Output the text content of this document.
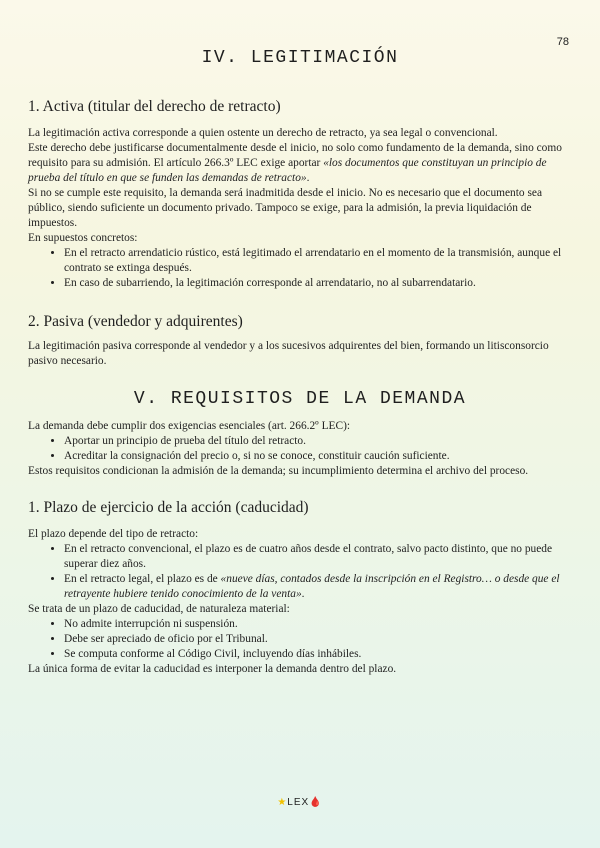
78
IV. LEGITIMACIÓN
1. Activa (titular del derecho de retracto)

La legitimación activa corresponde a quien ostente un derecho de retracto, ya sea legal o convencional.

Este derecho debe justificarse documentalmente desde el inicio, no solo como fundamento de la demanda, sino como requisito para su admisión. El artículo 266.3º LEC exige aportar «los documentos que constituyan un principio de prueba del título en que se funden las demandas de retracto».

Si no se cumple este requisito, la demanda será inadmitida desde el inicio. No es necesario que el documento sea público, siendo suficiente un documento privado. Tampoco se exige, para la admisión, la previa liquidación de impuestos.

En supuestos concretos:

• En el retracto arrendaticio rústico, está legitimado el arrendatario en el momento de la transmisión, aunque el contrato se extinga después.
• En caso de subarriendo, la legitimación corresponde al arrendatario, no al subarrendatario.
2. Pasiva (vendedor y adquirentes)

La legitimación pasiva corresponde al vendedor y a los sucesivos adquirentes del bien, formando un litisconsorcio pasivo necesario.

V. REQUISITOS DE LA DEMANDA

La demanda debe cumplir dos exigencias esenciales (art. 266.2º LEC):

• Aportar un principio de prueba del título del retracto.
• Acreditar la consignación del precio o, si no se conoce, constituir caución suficiente.

Estos requisitos condicionan la admisión de la demanda; su incumplimiento determina el archivo del proceso.

1. Plazo de ejercicio de la acción (caducidad)

El plazo depende del tipo de retracto:

• En el retracto convencional, el plazo es de cuatro años desde el contrato, salvo pacto distinto, que no puede superar diez años.
• En el retracto legal, el plazo es de «nueve días, contados desde la inscripción en el Registro… o desde que el retrayente hubiere tenido conocimiento de la venta».

Se trata de un plazo de caducidad, de naturaleza material:

• No admite interrupción ni suspensión.
• Debe ser apreciado de oficio por el Tribunal.
• Se computa conforme al Código Civil, incluyendo días inhábiles.

La única forma de evitar la caducidad es interponer la demanda dentro del plazo.

★LEX🩸
